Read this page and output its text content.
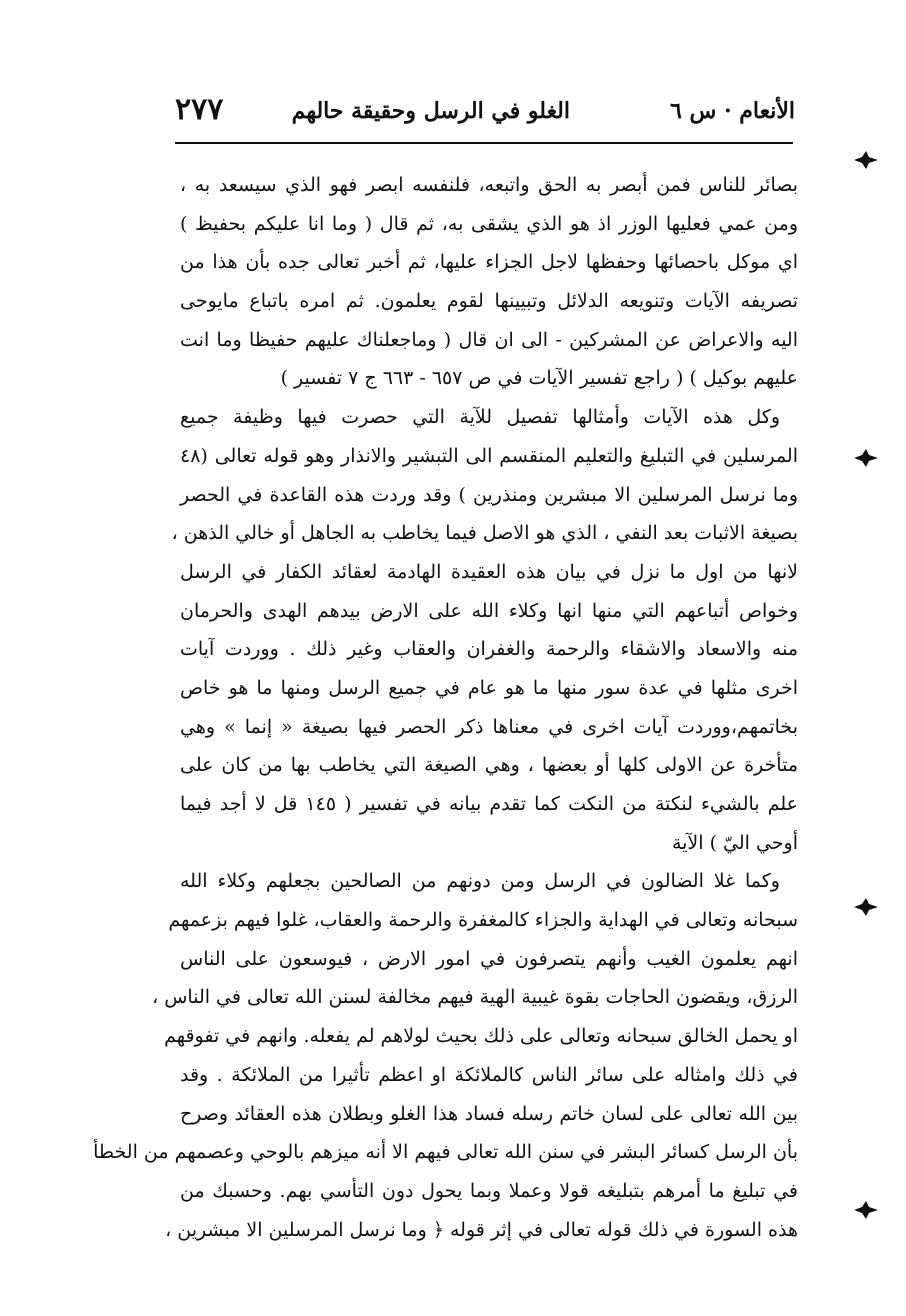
الأنعام · س ٦
الغلو في الرسل وحقيقة حالهم
٢٧٧
بصائر للناس فمن أبصر به الحق واتبعه، فلنفسه ابصر فهو الذي سيسعد به ،
ومن عمي فعليها الوزر اذ هو الذي يشقى به، ثم قال ( وما انا عليكم بحفيظ )
اي موكل باحصائها وحفظها لاجل الجزاء عليها، ثم أخبر تعالى جده بأن هذا من
تصريفه الآيات وتنويعه الدلائل وتبيينها لقوم يعلمون. ثم امره باتباع مايوحى
اليه والاعراض عن المشركين - الى ان قال ( وماجعلناك عليهم حفيظا وما انت
عليهم بوكيل ) ( راجع تفسير الآيات في ص ٦٥٧ - ٦٦٣ ج ٧ تفسير )
وكل هذه الآيات وأمثالها تفصيل للآية التي حصرت فيها وظيفة جميع
المرسلين في التبليغ والتعليم المنقسم الى التبشير والانذار وهو قوله تعالى (٤٨
وما نرسل المرسلين الا مبشرين ومنذرين ) وقد وردت هذه القاعدة في الحصر
بصيغة الاثبات بعد النفي ، الذي هو الاصل فيما يخاطب به الجاهل أو خالي الذهن ،
لانها من اول ما نزل في بيان هذه العقيدة الهادمة لعقائد الكفار في الرسل
وخواص أتباعهم التي منها انها وكلاء الله على الارض بيدهم الهدى والحرمان
منه والاسعاد والاشقاء والرحمة والغفران والعقاب وغير ذلك . ووردت آيات
اخرى مثلها في عدة سور منها ما هو عام في جميع الرسل ومنها ما هو خاص
بخاتمهم،ووردت آيات اخرى في معناها ذكر الحصر فيها بصيغة « إنما » وهي
متأخرة عن الاولى كلها أو بعضها ، وهي الصيغة التي يخاطب بها من كان على
علم بالشيء لنكتة من النكت كما تقدم بيانه في تفسير ( ١٤٥ قل لا أجد فيما
أوحي اليّ ) الآية
وكما غلا الضالون في الرسل ومن دونهم من الصالحين بجعلهم وكلاء الله
سبحانه وتعالى في الهداية والجزاء كالمغفرة والرحمة والعقاب، غلوا فيهم بزعمهم
انهم يعلمون الغيب وأنهم يتصرفون في امور الارض ، فيوسعون على الناس
الرزق، ويقضون الحاجات بقوة غيبية الهية فيهم مخالفة لسنن الله تعالى في الناس ،
او يحمل الخالق سبحانه وتعالى على ذلك بحيث لولاهم لم يفعله. وانهم في تفوقهم
في ذلك وامثاله على سائر الناس كالملائكة او اعظم تأثيرا من الملائكة . وقد
بين الله تعالى على لسان خاتم رسله فساد هذا الغلو وبطلان هذه العقائد وصرح
بأن الرسل كسائر البشر في سنن الله تعالى فيهم الا أنه ميزهم بالوحي وعصمهم من الخطأ
في تبليغ ما أمرهم بتبليغه قولا وعملا وبما يحول دون التأسي بهم. وحسبك من
هذه السورة في ذلك قوله تعالى في إثر قوله ﴿ وما نرسل المرسلين الا مبشرين ،
